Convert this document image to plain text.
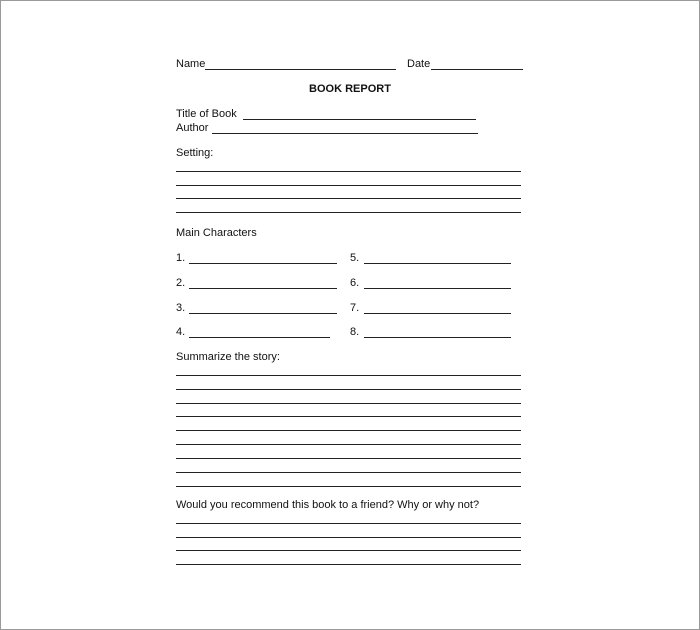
Name	Date
BOOK REPORT
Title of Book
Author
Setting:
Main Characters
1.	5.
2.	6.
3.	7.
4.	8.
Summarize the story:
Would you recommend this book to a friend? Why or why not?
